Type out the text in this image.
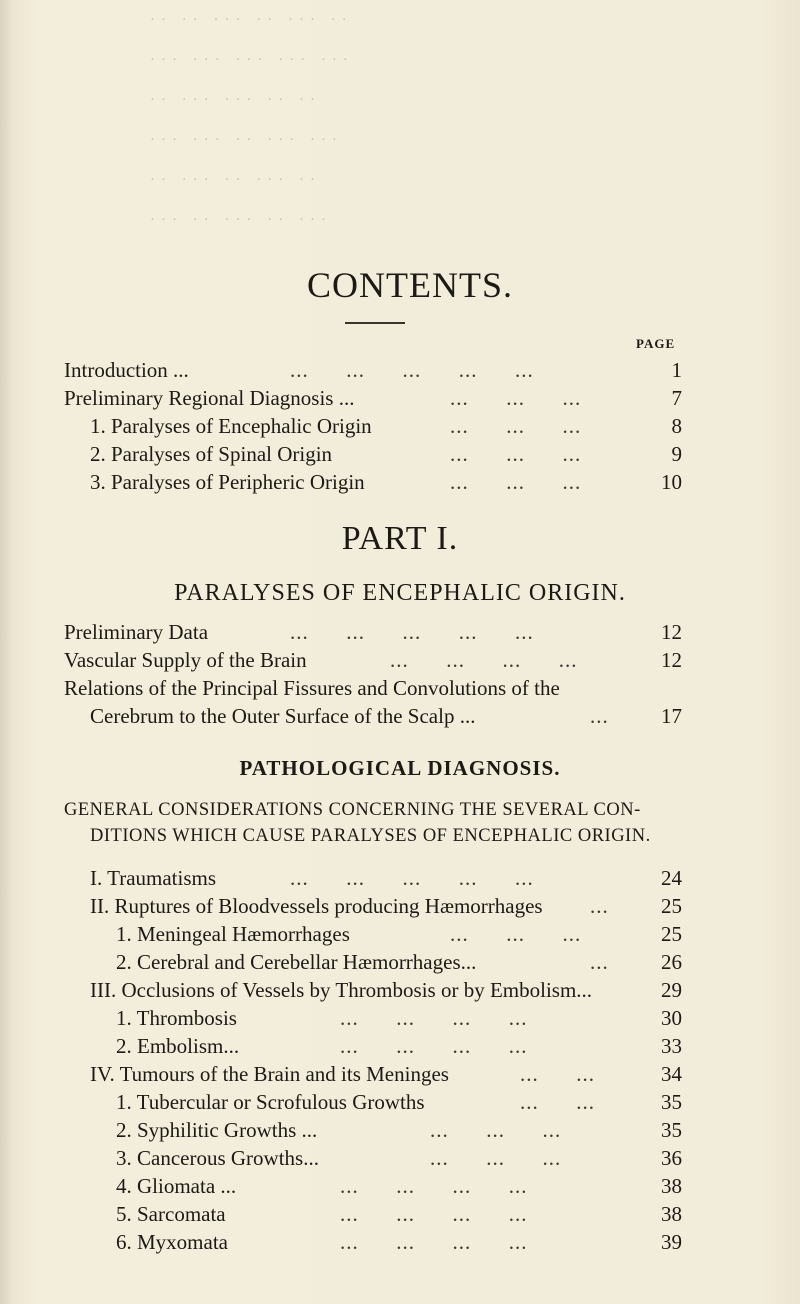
·· ·· ··· ·· ··· ··
··· ··· ··· ··· ···
·· ··· ··· ·· ··
··· ··· ·· ··· ···
·· ··· ·· ··· ··
··· ·· ··· ·· ···
CONTENTS.
PAGE
Introduction ...	...      ...      ...      ...      ...	1
Preliminary Regional Diagnosis ...	...      ...      ...	7
1. Paralyses of Encephalic Origin	...      ...      ...	8
2. Paralyses of Spinal Origin	...      ...      ...	9
3. Paralyses of Peripheric Origin	...      ...      ...	10
PART I.
PARALYSES OF ENCEPHALIC ORIGIN.
Preliminary Data	...      ...      ...      ...      ...	12
Vascular Supply of the Brain	...      ...      ...      ...	12
Relations of the Principal Fissures and Convolutions of the
Cerebrum to the Outer Surface of the Scalp ...	...	17
PATHOLOGICAL DIAGNOSIS.
GENERAL CONSIDERATIONS CONCERNING THE SEVERAL CON-
DITIONS WHICH CAUSE PARALYSES OF ENCEPHALIC ORIGIN.
I. Traumatisms	...      ...      ...      ...      ...	24
II. Ruptures of Bloodvessels producing Hæmorrhages ...	25
1. Meningeal Hæmorrhages	...      ...      ...	25
2. Cerebral and Cerebellar Hæmorrhages...	...	26
III. Occlusions of Vessels by Thrombosis or by Embolism...	29
1. Thrombosis	...      ...      ...      ...	30
2. Embolism...	...      ...      ...      ...	33
IV. Tumours of the Brain and its Meninges	...      ...	34
1. Tubercular or Scrofulous Growths	...      ...	35
2. Syphilitic Growths ...	...      ...      ...	35
3. Cancerous Growths...	...      ...      ...	36
4. Gliomata ...	...      ...      ...      ...	38
5. Sarcomata	...      ...      ...      ...	38
6. Myxomata	...      ...      ...      ...	39
